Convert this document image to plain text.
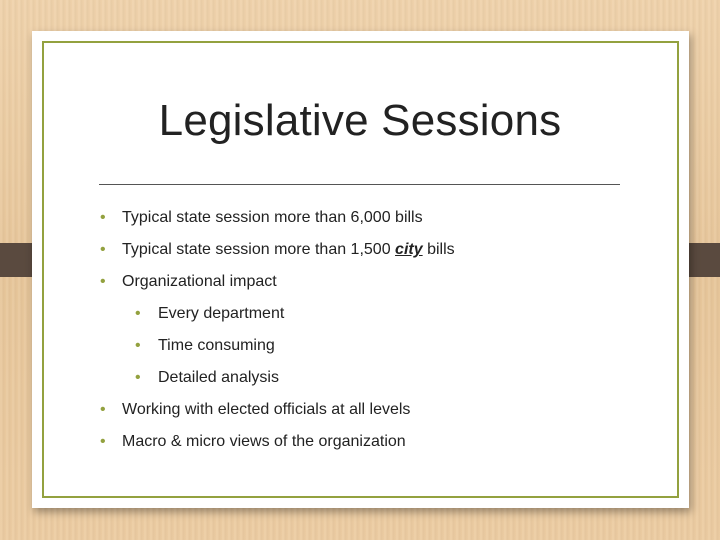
Legislative Sessions
•	Typical state session more than 6,000 bills
•	Typical state session more than 1,500 city bills
•	Organizational impact
•	Every department
•	Time consuming
•	Detailed analysis
•	Working with elected officials at all levels
•	Macro & micro views of the organization
